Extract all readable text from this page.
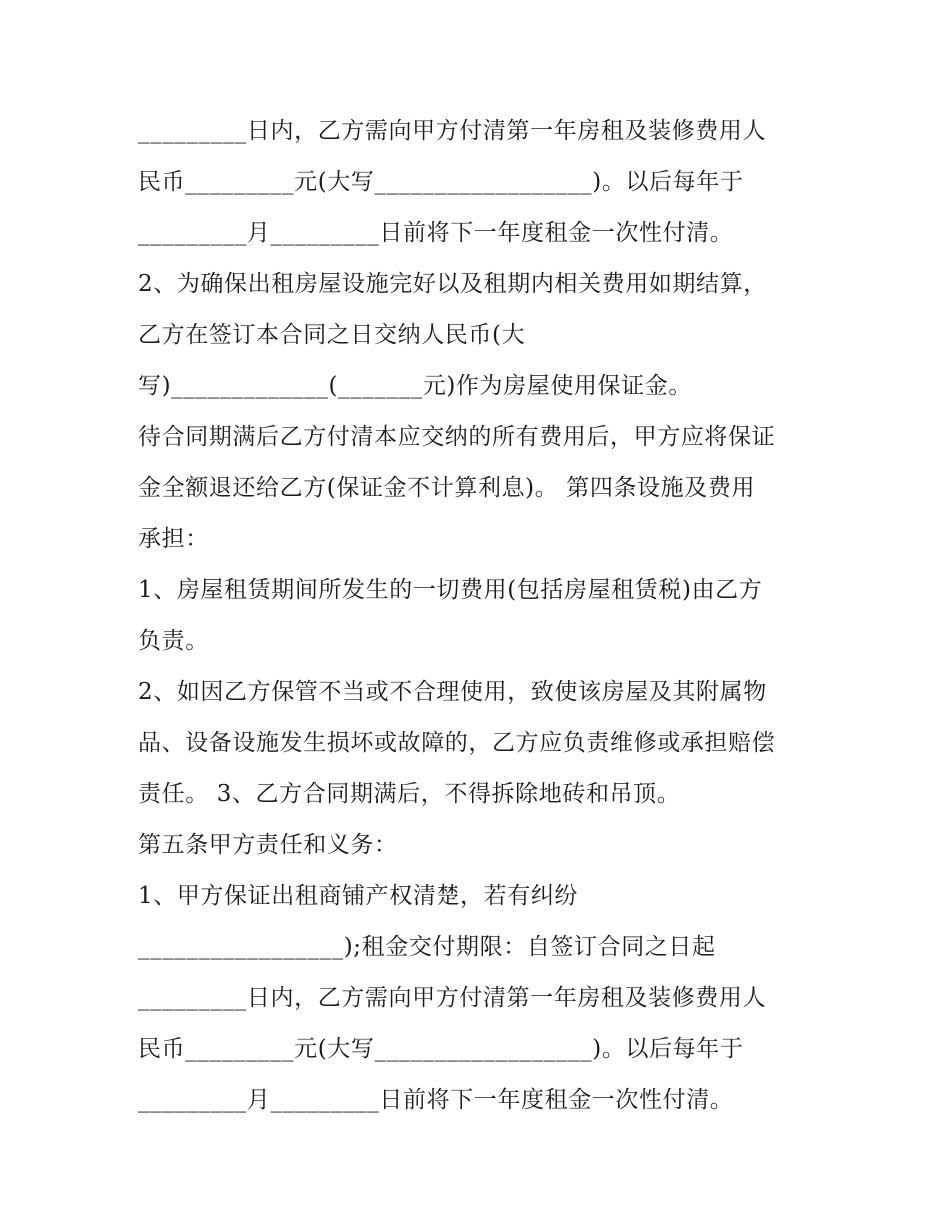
_________日内，乙方需向甲方付清第一年房租及装修费用人
民币_________元(大写__________________)。以后每年于
_________月_________日前将下一年度租金一次性付清。
2、为确保出租房屋设施完好以及租期内相关费用如期结算，
乙方在签订本合同之日交纳人民币(大
写)_____________(_______元)作为房屋使用保证金。
待合同期满后乙方付清本应交纳的所有费用后，甲方应将保证
金全额退还给乙方(保证金不计算利息)。 第四条设施及费用
承担：
1、房屋租赁期间所发生的一切费用(包括房屋租赁税)由乙方
负责。
2、如因乙方保管不当或不合理使用，致使该房屋及其附属物
品、设备设施发生损坏或故障的，乙方应负责维修或承担赔偿
责任。 3、乙方合同期满后，不得拆除地砖和吊顶。
第五条甲方责任和义务：
1、甲方保证出租商铺产权清楚，若有纠纷
_________________);租金交付期限：自签订合同之日起
_________日内，乙方需向甲方付清第一年房租及装修费用人
民币_________元(大写__________________)。以后每年于
_________月_________日前将下一年度租金一次性付清。
